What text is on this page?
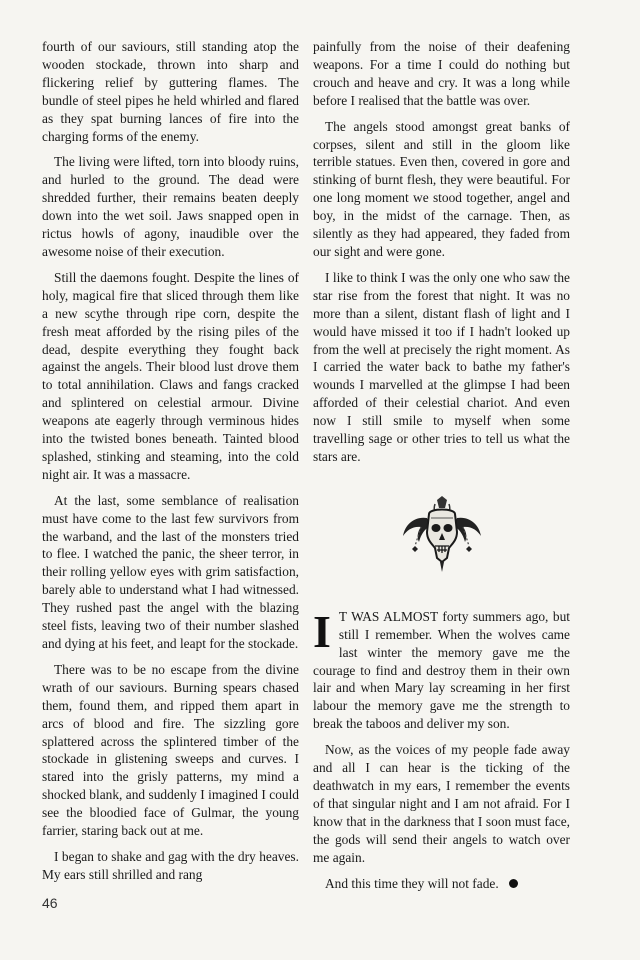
fourth of our saviours, still standing atop the wooden stockade, thrown into sharp and flickering relief by guttering flames. The bundle of steel pipes he held whirled and flared as they spat burning lances of fire into the charging forms of the enemy.

The living were lifted, torn into bloody ruins, and hurled to the ground. The dead were shredded further, their remains beaten deeply down into the wet soil. Jaws snapped open in rictus howls of agony, inaudible over the awesome noise of their execution.

Still the daemons fought. Despite the lines of holy, magical fire that sliced through them like a new scythe through ripe corn, despite the fresh meat afforded by the rising piles of the dead, despite everything they fought back against the angels. Their blood lust drove them to total annihilation. Claws and fangs cracked and splintered on celestial armour. Divine weapons ate eagerly through verminous hides into the twisted bones beneath. Tainted blood splashed, stinking and steaming, into the cold night air. It was a massacre.

At the last, some semblance of realisation must have come to the last few survivors from the warband, and the last of the monsters tried to flee. I watched the panic, the sheer terror, in their rolling yellow eyes with grim satisfaction, barely able to understand what I had witnessed. They rushed past the angel with the blazing steel fists, leaving two of their number slashed and dying at his feet, and leapt for the stockade.

There was to be no escape from the divine wrath of our saviours. Burning spears chased them, found them, and ripped them apart in arcs of blood and fire. The sizzling gore splattered across the splintered timber of the stockade in glistening sweeps and curves. I stared into the grisly patterns, my mind a shocked blank, and suddenly I imagined I could see the bloodied face of Gulmar, the young farrier, staring back out at me.

I began to shake and gag with the dry heaves. My ears still shrilled and rang

painfully from the noise of their deafening weapons. For a time I could do nothing but crouch and heave and cry. It was a long while before I realised that the battle was over.

The angels stood amongst great banks of corpses, silent and still in the gloom like terrible statues. Even then, covered in gore and stinking of burnt flesh, they were beautiful. For one long moment we stood together, angel and boy, in the midst of the carnage. Then, as silently as they had appeared, they faded from our sight and were gone.

I like to think I was the only one who saw the star rise from the forest that night. It was no more than a silent, distant flash of light and I would have missed it too if I hadn't looked up from the well at precisely the right moment. As I carried the water back to bathe my father's wounds I marvelled at the glimpse I had been afforded of their celestial chariot. And even now I still smile to myself when some travelling sage or other tries to tell us what the stars are.

I T WAS ALMOST forty summers ago, but still I remember. When the wolves came last winter the memory gave me the courage to find and destroy them in their own lair and when Mary lay screaming in her first labour the memory gave me the strength to break the taboos and deliver my son.

Now, as the voices of my people fade away and all I can hear is the ticking of the deathwatch in my ears, I remember the events of that singular night and I am not afraid. For I know that in the darkness that I soon must face, the gods will send their angels to watch over me again.

And this time they will not fade.

46
